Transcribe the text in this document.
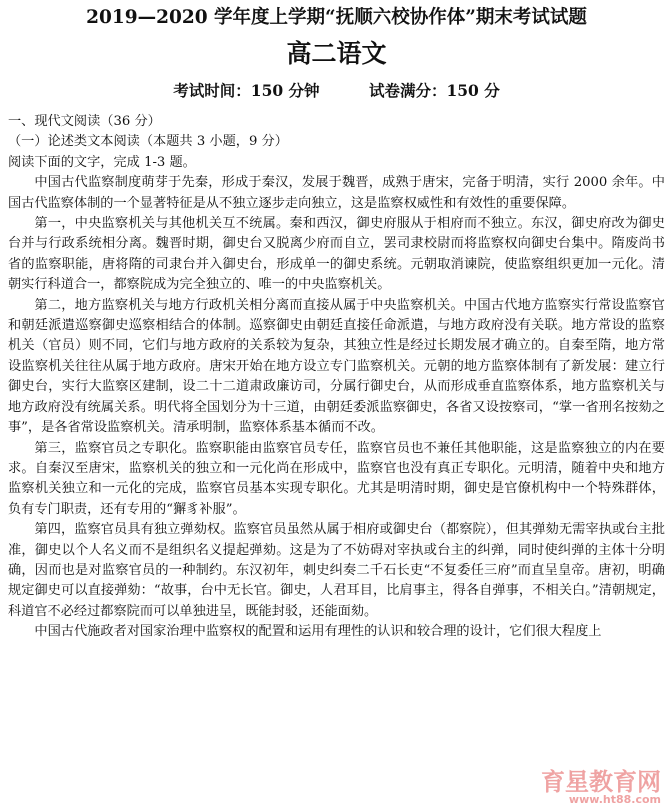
2019—2020 学年度上学期“抚顺六校协作体”期末考试试题
高二语文
考试时间：150 分钟	试卷满分：150 分

一、现代文阅读（36 分）

（一）论述类文本阅读（本题共 3 小题，9 分）

阅读下面的文字，完成 1-3 题。

中国古代监察制度萌芽于先秦，形成于秦汉，发展于魏晋，成熟于唐宋，完备于明清，实行 2000 余年。中国古代监察体制的一个显著特征是从不独立逐步走向独立，这是监察权威性和有效性的重要保障。

第一，中央监察机关与其他机关互不统属。秦和西汉，御史府服从于相府而不独立。东汉，御史府改为御史台并与行政系统相分离。魏晋时期，御史台又脱离少府而自立，罢司隶校尉而将监察权向御史台集中。隋废尚书省的监察职能，唐将隋的司隶台并入御史台，形成单一的御史系统。元朝取消谏院，使监察组织更加一元化。清朝实行科道合一，都察院成为完全独立的、唯一的中央监察机关。

第二，地方监察机关与地方行政机关相分离而直接从属于中央监察机关。中国古代地方监察实行常设监察官和朝廷派遣巡察御史巡察相结合的体制。巡察御史由朝廷直接任命派遣，与地方政府没有关联。地方常设的监察机关（官员）则不同，它们与地方政府的关系较为复杂，其独立性是经过长期发展才确立的。自秦至隋，地方常设监察机关往往从属于地方政府。唐宋开始在地方设立专门监察机关。元朝的地方监察体制有了新发展：建立行御史台，实行大监察区建制，设二十二道肃政廉访司，分属行御史台，从而形成垂直监察体系，地方监察机关与地方政府没有统属关系。明代将全国划分为十三道，由朝廷委派监察御史，各省又设按察司，“掌一省刑名按劾之事”，是各省常设监察机关。清承明制，监察体系基本循而不改。

第三，监察官员之专职化。监察职能由监察官员专任，监察官员也不兼任其他职能，这是监察独立的内在要求。自秦汉至唐宋，监察机关的独立和一元化尚在形成中，监察官也没有真正专职化。元明清，随着中央和地方监察机关独立和一元化的完成，监察官员基本实现专职化。尤其是明清时期，御史是官僚机构中一个特殊群体，负有专门职责，还有专用的“獬豸补服”。

第四，监察官员具有独立弹劾权。监察官员虽然从属于相府或御史台（都察院），但其弹劾无需宰执或台主批准，御史以个人名义而不是组织名义提起弹劾。这是为了不妨碍对宰执或台主的纠弹，同时使纠弹的主体十分明确，因而也是对监察官员的一种制约。东汉初年，刺史纠奏二千石长吏“不复委任三府”而直呈皇帝。唐初，明确规定御史可以直接弹劾：“故事，台中无长官。御史，人君耳目，比肩事主，得各自弹事，不相关白。”清朝规定，科道官不必经过都察院而可以单独进呈，既能封驳，还能面劾。

中国古代施政者对国家治理中监察权的配置和运用有理性的认识和较合理的设计，它们很大程度上

育星教育网
www.ht88.com
